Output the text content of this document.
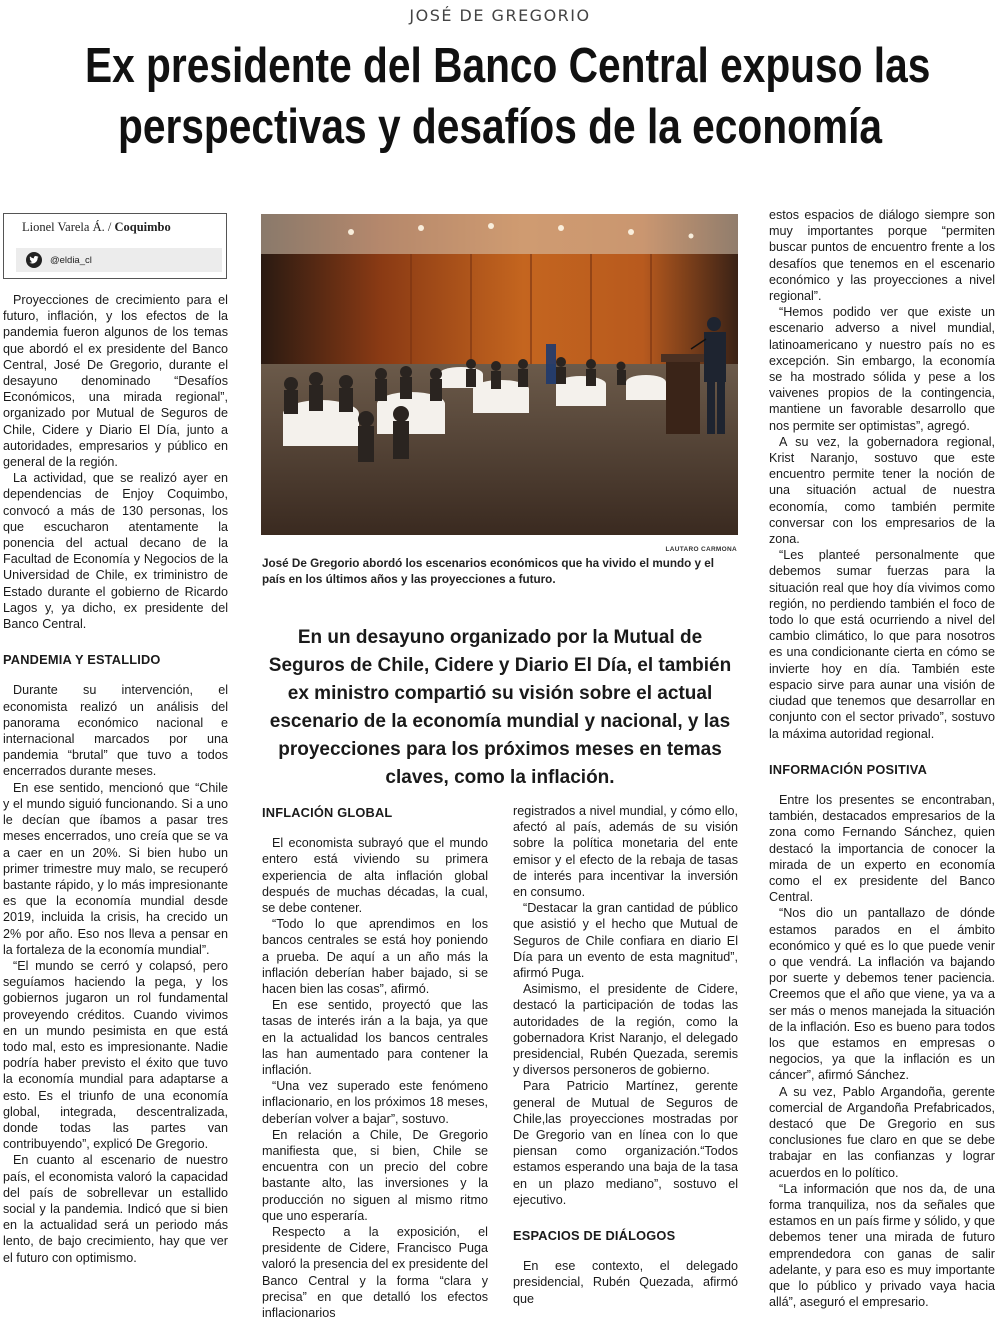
JOSÉ DE GREGORIO
Ex presidente del Banco Central expuso las
perspectivas y desafíos de la economía
Lionel Varela Á. / Coquimbo
@eldia_cl

Proyecciones de crecimiento para el futuro, inflación, y los efectos de la pandemia fueron algunos de los temas que abordó el ex presidente del Banco Central, José De Gregorio, durante el desayuno denominado “Desafíos Económicos, una mirada regional”, organizado por Mutual de Seguros de Chile, Cidere y Diario El Día, junto a autoridades, empresarios y público en general de la región.

La actividad, que se realizó ayer en dependencias de Enjoy Coquimbo, convocó a más de 130 personas, los que escucharon atentamente la ponencia del actual decano de la Facultad de Economía y Negocios de la Universidad de Chile, ex triministro de Estado durante el gobierno de Ricardo Lagos y, ya dicho, ex presidente del Banco Central.

PANDEMIA Y ESTALLIDO

Durante su intervención, el economista realizó un análisis del panorama económico nacional e internacional marcados por una pandemia “brutal” que tuvo a todos encerrados durante meses.

En ese sentido, mencionó que “Chile y el mundo siguió funcionando. Si a uno le decían que íbamos a pasar tres meses encerrados, uno creía que se va a caer en un 20%. Si bien hubo un primer trimestre muy malo, se recuperó bastante rápido, y lo más impresionante es que la economía mundial desde 2019, incluida la crisis, ha crecido un 2% por año. Eso nos lleva a pensar en la fortaleza de la economía mundial”.

“El mundo se cerró y colapsó, pero seguíamos haciendo la pega, y los gobiernos jugaron un rol fundamental proveyendo créditos. Cuando vivimos en un mundo pesimista en que está todo mal, esto es impresionante. Nadie podría haber previsto el éxito que tuvo la economía mundial para adaptarse a esto. Es el triunfo de una economía global, integrada, descentralizada, donde todas las partes van contribuyendo”, explicó De Gregorio.

En cuanto al escenario de nuestro país, el economista valoró la capacidad del país de sobrellevar un estallido social y la pandemia. Indicó que si bien en la actualidad será un periodo más lento, de bajo crecimiento, hay que ver el futuro con optimismo.

LAUTARO CARMONA
José De Gregorio abordó los escenarios económicos que ha vivido el mundo y el país en los últimos años y las proyecciones a futuro.
En un desayuno organizado por la Mutual de Seguros de Chile, Cidere y Diario El Día, el también ex ministro compartió su visión sobre el actual escenario de la economía mundial y nacional, y las proyecciones para los próximos meses en temas claves, como la inflación.
INFLACIÓN GLOBAL

El economista subrayó que el mundo entero está viviendo su primera experiencia de alta inflación global después de muchas décadas, la cual, se debe contener.

“Todo lo que aprendimos en los bancos centrales se está hoy poniendo a prueba. De aquí a un año más la inflación deberían haber bajado, si se hacen bien las cosas”, afirmó.

En ese sentido, proyectó que las tasas de interés irán a la baja, ya que en la actualidad los bancos centrales las han aumentado para contener la inflación.

“Una vez superado este fenómeno inflacionario, en los próximos 18 meses, deberían volver a bajar”, sostuvo.

En relación a Chile, De Gregorio manifiesta que, si bien, Chile se encuentra con un precio del cobre bastante alto, las inversiones y la producción no siguen al mismo ritmo que uno esperaría.

Respecto a la exposición, el presidente de Cidere, Francisco Puga valoró la presencia del ex presidente del Banco Central y la forma “clara y precisa” en que detalló los efectos inflacionarios

registrados a nivel mundial, y cómo ello, afectó al país, además de su visión sobre la política monetaria del ente emisor y el efecto de la rebaja de tasas de interés para incentivar la inversión en consumo.

“Destacar la gran cantidad de público que asistió y el hecho que Mutual de Seguros de Chile confiara en diario El Día para un evento de esta magnitud”, afirmó Puga.

Asimismo, el presidente de Cidere, destacó la participación de todas las autoridades de la región, como la gobernadora Krist Naranjo, el delegado presidencial, Rubén Quezada, seremis y diversos personeros de gobierno.

Para Patricio Martínez, gerente general de Mutual de Seguros de Chile,las proyecciones mostradas por De Gregorio van en línea con lo que piensan como organización.“Todos estamos esperando una baja de la tasa en un plazo mediano”, sostuvo el ejecutivo.

ESPACIOS DE DIÁLOGOS

En ese contexto, el delegado presidencial, Rubén Quezada, afirmó que

estos espacios de diálogo siempre son muy importantes porque “permiten buscar puntos de encuentro frente a los desafíos que tenemos en el escenario económico y las proyecciones a nivel regional”.

“Hemos podido ver que existe un escenario adverso a nivel mundial, latinoamericano y nuestro país no es excepción. Sin embargo, la economía se ha mostrado sólida y pese a los vaivenes propios de la contingencia, mantiene un favorable desarrollo que nos permite ser optimistas”, agregó.

A su vez, la gobernadora regional, Krist Naranjo, sostuvo que este encuentro permite tener la noción de una situación actual de nuestra economía, como también permite conversar con los empresarios de la zona.

“Les planteé personalmente que debemos sumar fuerzas para la situación real que hoy día vivimos como región, no perdiendo también el foco de todo lo que está ocurriendo a nivel del cambio climático, lo que para nosotros es una condicionante cierta en cómo se invierte hoy en día. También este espacio sirve para aunar una visión de ciudad que tenemos que desarrollar en conjunto con el sector privado”, sostuvo la máxima autoridad regional.

INFORMACIÓN POSITIVA

Entre los presentes se encontraban, también, destacados empresarios de la zona como Fernando Sánchez, quien destacó la importancia de conocer la mirada de un experto en economía como el ex presidente del Banco Central.

“Nos dio un pantallazo de dónde estamos parados en el ámbito económico y qué es lo que puede venir o que vendrá. La inflación va bajando por suerte y debemos tener paciencia. Creemos que el año que viene, ya va a ser más o menos manejada la situación de la inflación. Eso es bueno para todos los que estamos en empresas o negocios, ya que la inflación es un cáncer”, afirmó Sánchez.

A su vez, Pablo Argandoña, gerente comercial de Argandoña Prefabricados, destacó que De Gregorio en sus conclusiones fue claro en que se debe trabajar en las confianzas y lograr acuerdos en lo político.

“La información que nos da, de una forma tranquiliza, nos da señales que estamos en un país firme y sólido, y que debemos tener una mirada de futuro emprendedora con ganas de salir adelante, y para eso es muy importante que lo público y privado vaya hacia allá”, aseguró el empresario.
